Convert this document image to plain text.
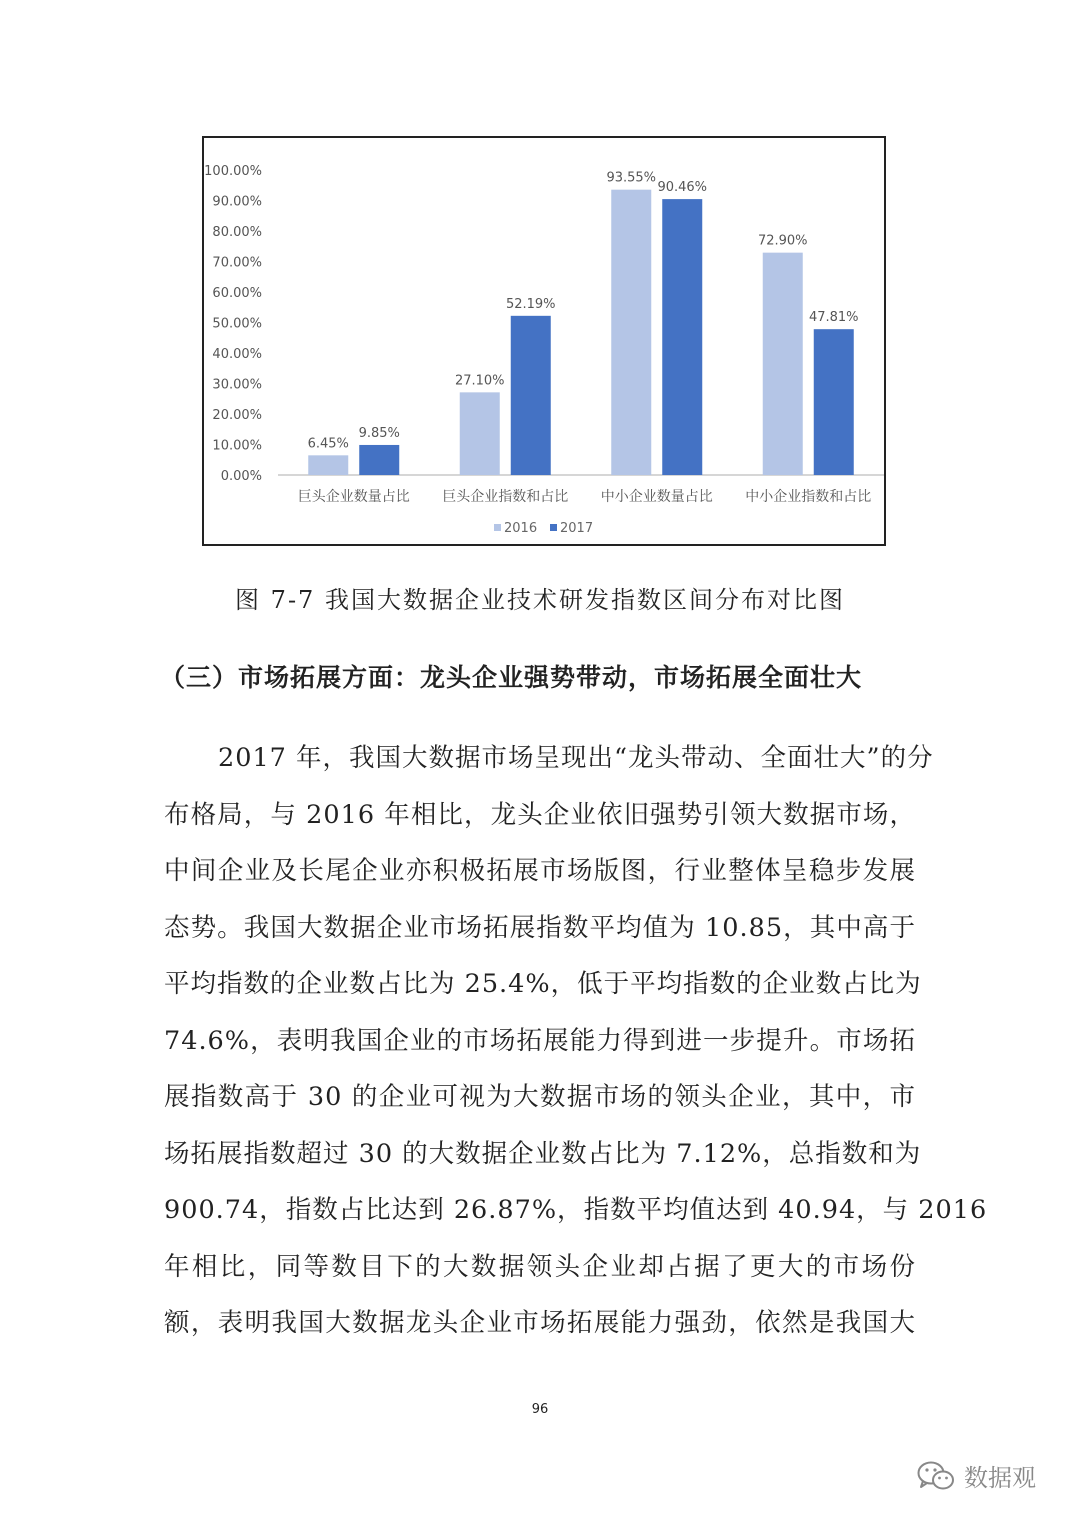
0.00%
10.00%
20.00%
30.00%
40.00%
50.00%
60.00%
70.00%
80.00%
90.00%
100.00%
6.45%
9.85%
巨头企业数量占比
27.10%
52.19%
巨头企业指数和占比
93.55%
90.46%
中小企业数量占比
72.90%
47.81%
中小企业指数和占比
2016 2017
图 7-7 我国大数据企业技术研发指数区间分布对比图
（三）市场拓展方面：龙头企业强势带动，市场拓展全面壮大
2017 年，我国大数据市场呈现出“龙头带动、全面壮大”的分
布格局，与 2016 年相比，龙头企业依旧强势引领大数据市场，
中间企业及长尾企业亦积极拓展市场版图，行业整体呈稳步发展
态势。我国大数据企业市场拓展指数平均值为 10.85，其中高于
平均指数的企业数占比为 25.4%，低于平均指数的企业数占比为
74.6%，表明我国企业的市场拓展能力得到进一步提升。市场拓
展指数高于 30 的企业可视为大数据市场的领头企业，其中，市
场拓展指数超过 30 的大数据企业数占比为 7.12%，总指数和为
900.74，指数占比达到 26.87%，指数平均值达到 40.94，与 2016
年相比，同等数目下的大数据领头企业却占据了更大的市场份
额，表明我国大数据龙头企业市场拓展能力强劲，依然是我国大
96
数据观
